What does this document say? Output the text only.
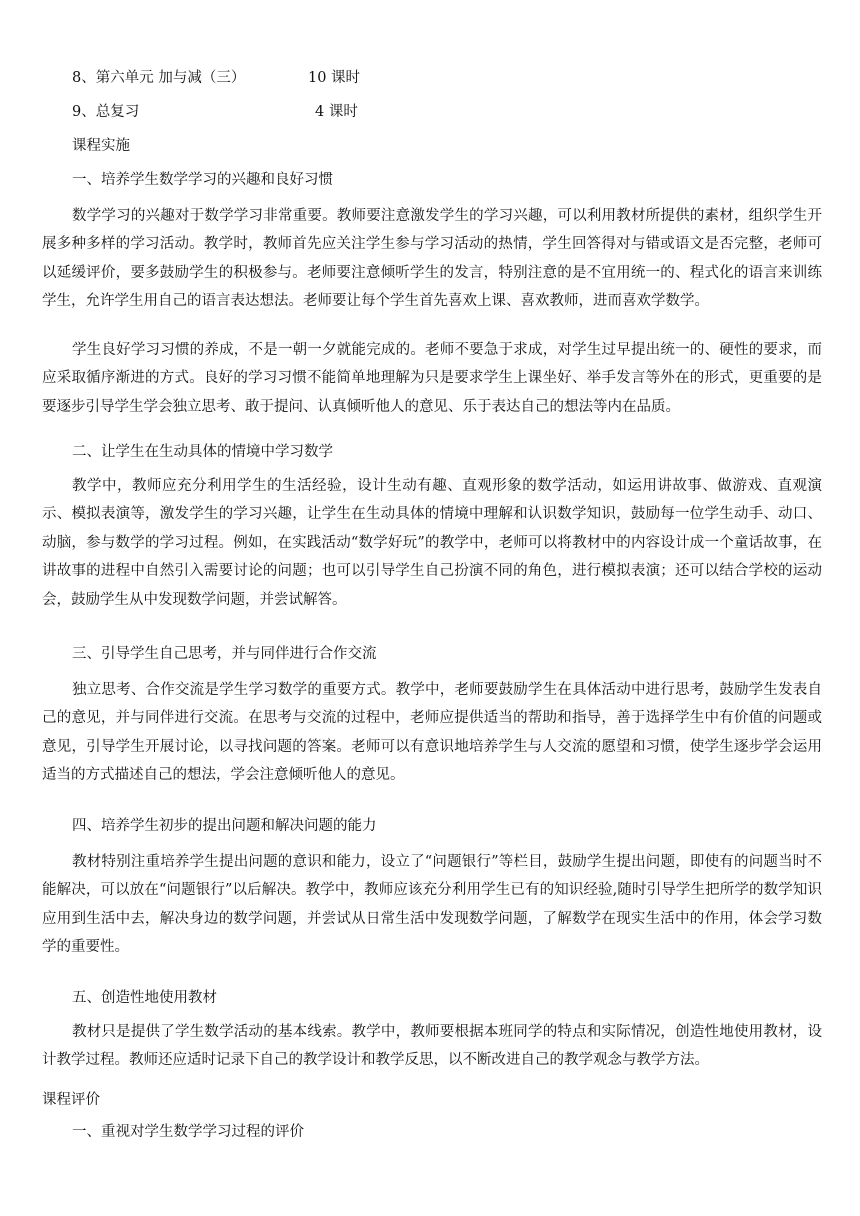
8、第六单元 加与减（三）	10 课时
9、总复习	4 课时
课程实施
一、培养学生数学学习的兴趣和良好习惯
数学学习的兴趣对于数学学习非常重要。教师要注意激发学生的学习兴趣，可以利用教材所提供的素材，组织学生开展多种多样的学习活动。教学时，教师首先应关注学生参与学习活动的热情，学生回答得对与错或语文是否完整，老师可以延缓评价，要多鼓励学生的积极参与。老师要注意倾听学生的发言，特别注意的是不宜用统一的、程式化的语言来训练学生，允许学生用自己的语言表达想法。老师要让每个学生首先喜欢上课、喜欢教师，进而喜欢学数学。
学生良好学习习惯的养成，不是一朝一夕就能完成的。老师不要急于求成，对学生过早提出统一的、硬性的要求，而应采取循序渐进的方式。良好的学习习惯不能简单地理解为只是要求学生上课坐好、举手发言等外在的形式，更重要的是要逐步引导学生学会独立思考、敢于提问、认真倾听他人的意见、乐于表达自己的想法等内在品质。
二、让学生在生动具体的情境中学习数学
教学中，教师应充分利用学生的生活经验，设计生动有趣、直观形象的数学活动，如运用讲故事、做游戏、直观演示、模拟表演等，激发学生的学习兴趣，让学生在生动具体的情境中理解和认识数学知识，鼓励每一位学生动手、动口、动脑，参与数学的学习过程。例如，在实践活动“数学好玩”的教学中，老师可以将教材中的内容设计成一个童话故事，在讲故事的进程中自然引入需要讨论的问题；也可以引导学生自己扮演不同的角色，进行模拟表演；还可以结合学校的运动会，鼓励学生从中发现数学问题，并尝试解答。
三、引导学生自己思考，并与同伴进行合作交流
独立思考、合作交流是学生学习数学的重要方式。教学中，老师要鼓励学生在具体活动中进行思考，鼓励学生发表自己的意见，并与同伴进行交流。在思考与交流的过程中，老师应提供适当的帮助和指导，善于选择学生中有价值的问题或意见，引导学生开展讨论，以寻找问题的答案。老师可以有意识地培养学生与人交流的愿望和习惯，使学生逐步学会运用适当的方式描述自己的想法，学会注意倾听他人的意见。
四、培养学生初步的提出问题和解决问题的能力
教材特别注重培养学生提出问题的意识和能力，设立了“问题银行”等栏目，鼓励学生提出问题，即使有的问题当时不能解决，可以放在“问题银行”以后解决。教学中，教师应该充分利用学生已有的知识经验,随时引导学生把所学的数学知识应用到生活中去，解决身边的数学问题，并尝试从日常生活中发现数学问题，了解数学在现实生活中的作用，体会学习数学的重要性。
五、创造性地使用教材
教材只是提供了学生数学活动的基本线索。教学中，教师要根据本班同学的特点和实际情况，创造性地使用教材，设计教学过程。教师还应适时记录下自己的教学设计和教学反思，以不断改进自己的教学观念与教学方法。
课程评价
一、重视对学生数学学习过程的评价
